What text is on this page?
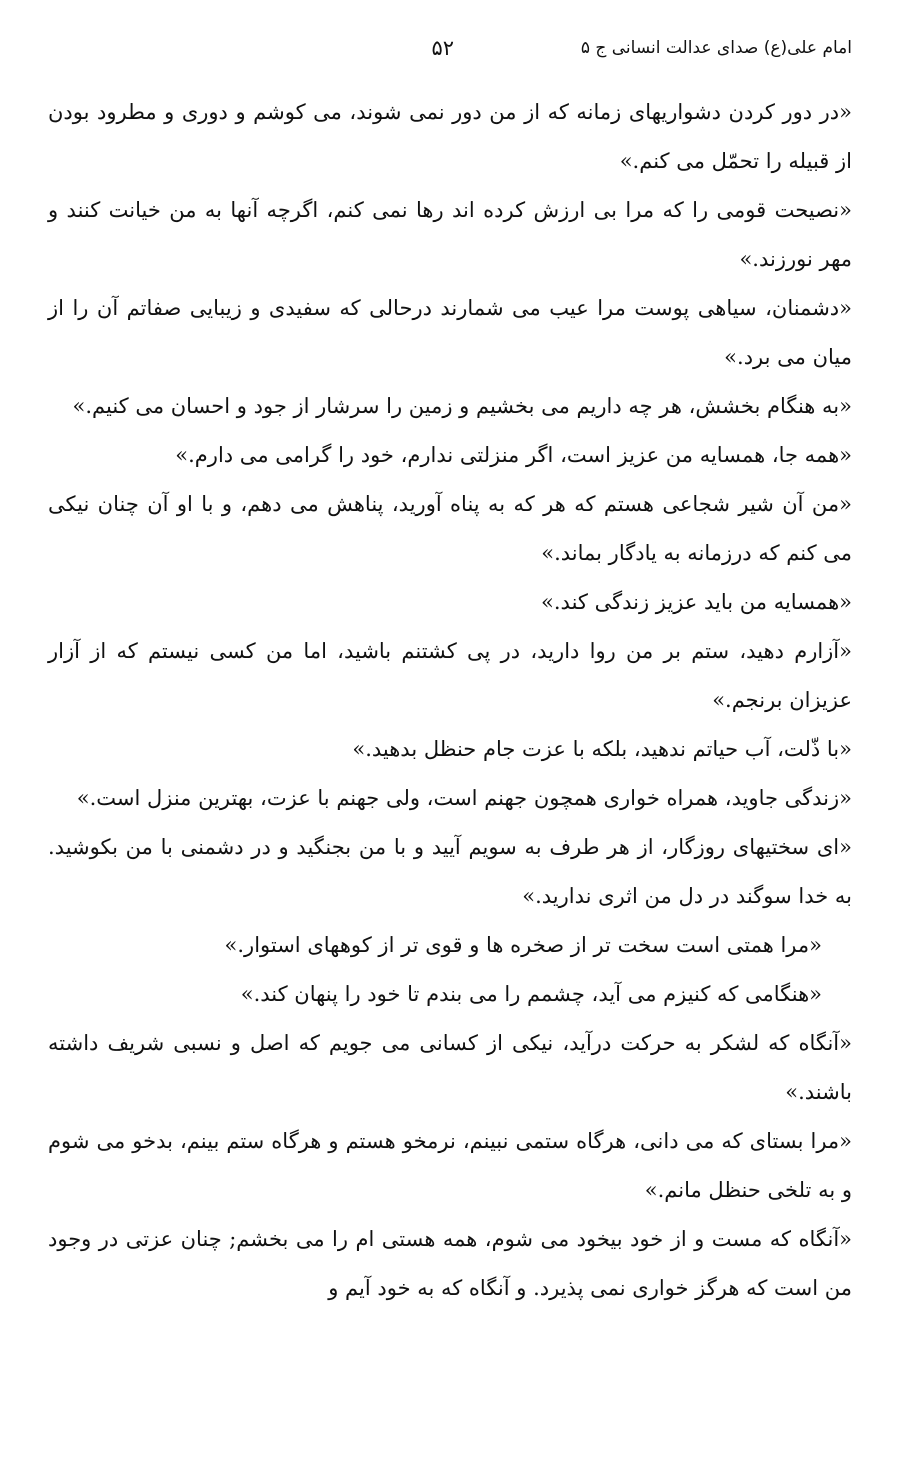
امام علی(ع) صدای عدالت انسانی ج ۵
۵۲

«در دور کردن دشواریهای زمانه که از من دور نمی شوند، می کوشم و دوری و مطرود بودن از قبیله را تحمّل می کنم.»

«نصیحت قومی را که مرا بی ارزش کرده اند رها نمی کنم، اگرچه آنها به من خیانت کنند و مهر نورزند.»

«دشمنان، سیاهی پوست مرا عیب می شمارند درحالی که سفیدی و زیبایی صفاتم آن را از میان می برد.»

«به هنگام بخشش، هر چه داریم می بخشیم و زمین را سرشار از جود و احسان می کنیم.»

«همه جا، همسایه من عزیز است، اگر منزلتی ندارم، خود را گرامی می دارم.»

«من آن شیر شجاعی هستم که هر که به پناه آورید، پناهش می دهم، و با او آن چنان نیکی می کنم که درزمانه به یادگار بماند.»

«همسایه من باید عزیز زندگی کند.»

«آزارم دهید، ستم بر من روا دارید، در پی کشتنم باشید، اما من کسی نیستم که از آزار عزیزان برنجم.»

«با ذّلت، آب حیاتم ندهید، بلکه با عزت جام حنظل بدهید.»

«زندگی جاوید، همراه خواری همچون جهنم است، ولی جهنم با عزت، بهترین منزل است.»

«ای سختیهای روزگار، از هر طرف به سویم آیید و با من بجنگید و در دشمنی با من بکوشید. به خدا سوگند در دل من اثری ندارید.»

«مرا همتی است سخت تر از صخره ها و قوی تر از کوههای استوار.»

«هنگامی که کنیزم می آید، چشمم را می بندم تا خود را پنهان کند.»

«آنگاه که لشکر به حرکت درآید، نیکی از کسانی می جویم که اصل و نسبی شریف داشته باشند.»

«مرا بستای که می دانی، هرگاه ستمی نبینم، نرمخو هستم و هرگاه ستم بینم، بدخو می شوم و به تلخی حنظل مانم.»

«آنگاه که مست و از خود بیخود می شوم، همه هستی ام را می بخشم; چنان عزتی در وجود من است که هرگز خواری نمی پذیرد. و آنگاه که به خود آیم و
